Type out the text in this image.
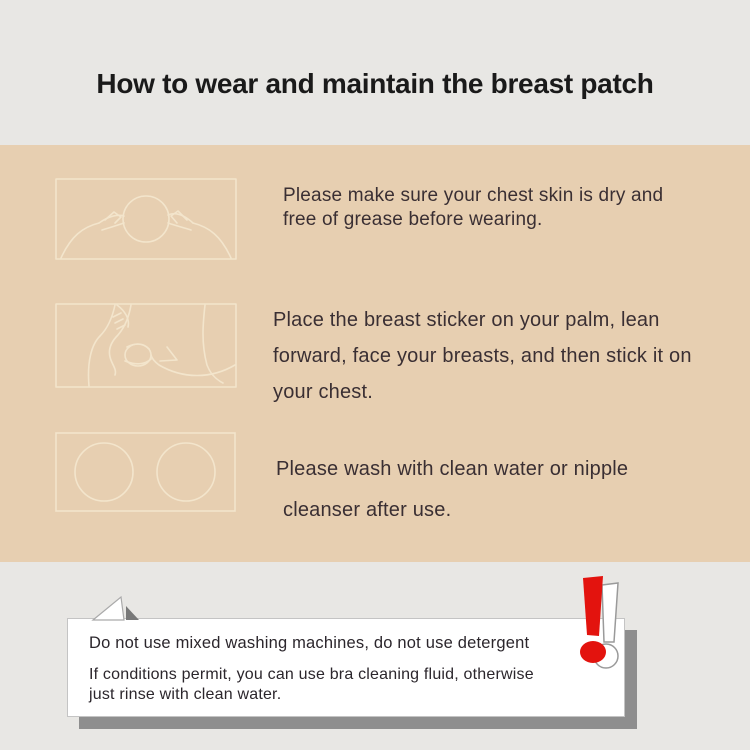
How to wear and maintain the breast patch
Please make sure your chest skin is dry and
free of grease before wearing.
Place the breast sticker on your palm, lean
forward, face your breasts, and then stick it on
your chest.
Please wash with clean water or nipple
cleanser after use.
Do not use mixed washing machines, do not use detergent
If conditions permit, you can use bra cleaning fluid, otherwise
just rinse with clean water.
